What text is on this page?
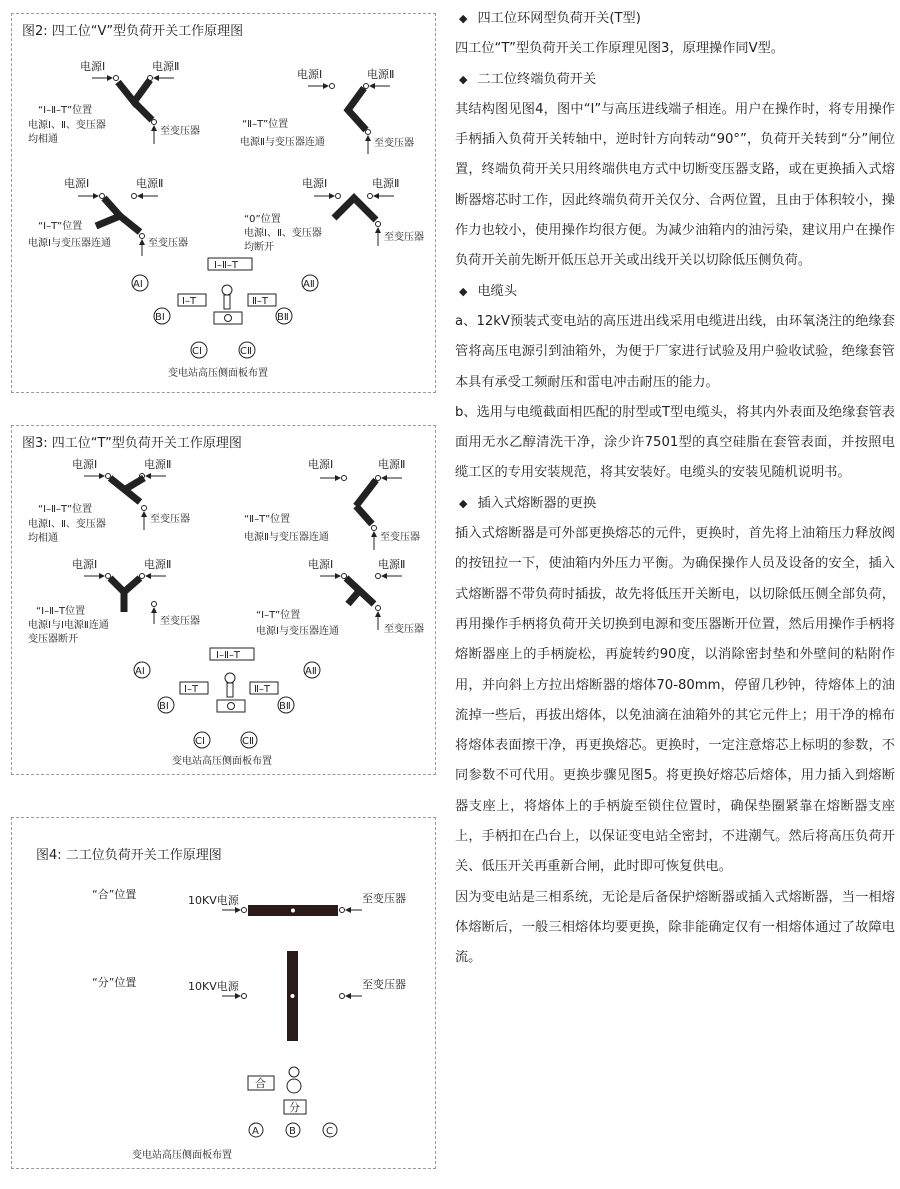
图2: 四工位“V”型负荷开关工作原理图
电源Ⅰ	电源Ⅱ
至变压器
“Ⅰ–Ⅱ–T”位置
电源Ⅰ、Ⅱ、变压器
均相通
电源Ⅰ	电源Ⅱ
至变压器
“Ⅱ–T”位置
电源Ⅱ与变压器连通
电源Ⅰ	电源Ⅱ
至变压器
“Ⅰ–T”位置
电源Ⅰ与变压器连通
电源Ⅰ	电源Ⅱ
至变压器
“0”位置
电源Ⅰ、Ⅱ、变压器
均断开
Ⅰ–Ⅱ–T
Ⅰ–T	Ⅱ–T
AⅠ	AⅡ
BⅠ	BⅡ
CⅠ	CⅡ
变电站高压侧面板布置
图3: 四工位“T”型负荷开关工作原理图
电源Ⅰ	电源Ⅱ
至变压器
“Ⅰ–Ⅱ–T”位置
电源Ⅰ、Ⅱ、变压器
均相通
电源Ⅰ	电源Ⅱ
至变压器
“Ⅱ–T”位置
电源Ⅱ与变压器连通
电源Ⅰ	电源Ⅱ
至变压器
“Ⅰ–Ⅱ–T位置
电源Ⅰ与Ⅰ电源Ⅱ连通
变压器断开
电源Ⅰ	电源Ⅱ
至变压器
“Ⅰ–T”位置
电源Ⅰ与变压器连通
Ⅰ–Ⅱ–T
Ⅰ–T	Ⅱ–T
AⅠ	AⅡ
BⅠ	BⅡ
CⅠ	CⅡ
变电站高压侧面板布置
图4: 二工位负荷开关工作原理图
“合”位置	10KV电源	至变压器
“分”位置	10KV电源	至变压器
合
分
A	B	C
变电站高压侧面板布置

◆ 四工位环网型负荷开关(T型)

四工位“T”型负荷开关工作原理见图3，原理操作同V型。

◆ 二工位终端负荷开关

其结构图见图4，图中“I”与高压进线端子相连。用户在操作时，将专用操作手柄插入负荷开关转轴中，逆时针方向转动“90°”，负荷开关转到“分”闸位置，终端负荷开关只用终端供电方式中切断变压器支路，或在更换插入式熔断器熔芯时工作，因此终端负荷开关仅分、合两位置，且由于体积较小，操作力也较小，使用操作均很方便。为减少油箱内的油污染，建议用户在操作负荷开关前先断开低压总开关或出线开关以切除低压侧负荷。

◆ 电缆头

a、12kV预装式变电站的高压进出线采用电缆进出线，由环氧浇注的绝缘套管将高压电源引到油箱外，为便于厂家进行试验及用户验收试验，绝缘套管本具有承受工频耐压和雷电冲击耐压的能力。

b、选用与电缆截面相匹配的肘型或T型电缆头，将其内外表面及绝缘套管表面用无水乙醇清洗干净，涂少许7501型的真空硅脂在套管表面，并按照电缆工区的专用安装规范，将其安装好。电缆头的安装见随机说明书。

◆ 插入式熔断器的更换

插入式熔断器是可外部更换熔芯的元件，更换时，首先将上油箱压力释放阀的按钮拉一下，使油箱内外压力平衡。为确保操作人员及设备的安全，插入式熔断器不带负荷时插拔，故先将低压开关断电，以切除低压侧全部负荷，再用操作手柄将负荷开关切换到电源和变压器断开位置，然后用操作手柄将熔断器座上的手柄旋松，再旋转约90度，以消除密封垫和外壁间的粘附作用，并向斜上方拉出熔断器的熔体70-80mm，停留几秒钟，待熔体上的油流掉一些后，再拔出熔体，以免油滴在油箱外的其它元件上；用干净的棉布将熔体表面擦干净，再更换熔芯。更换时，一定注意熔芯上标明的参数，不同参数不可代用。更换步骤见图5。将更换好熔芯后熔体，用力插入到熔断器支座上，将熔体上的手柄旋至锁住位置时，确保垫圈紧靠在熔断器支座上，手柄扣在凸台上，以保证变电站全密封，不进潮气。然后将高压负荷开关、低压开关再重新合闸，此时即可恢复供电。

因为变电站是三相系统，无论是后备保护熔断器或插入式熔断器，当一相熔体熔断后，一般三相熔体均要更换，除非能确定仅有一相熔体通过了故障电流。
